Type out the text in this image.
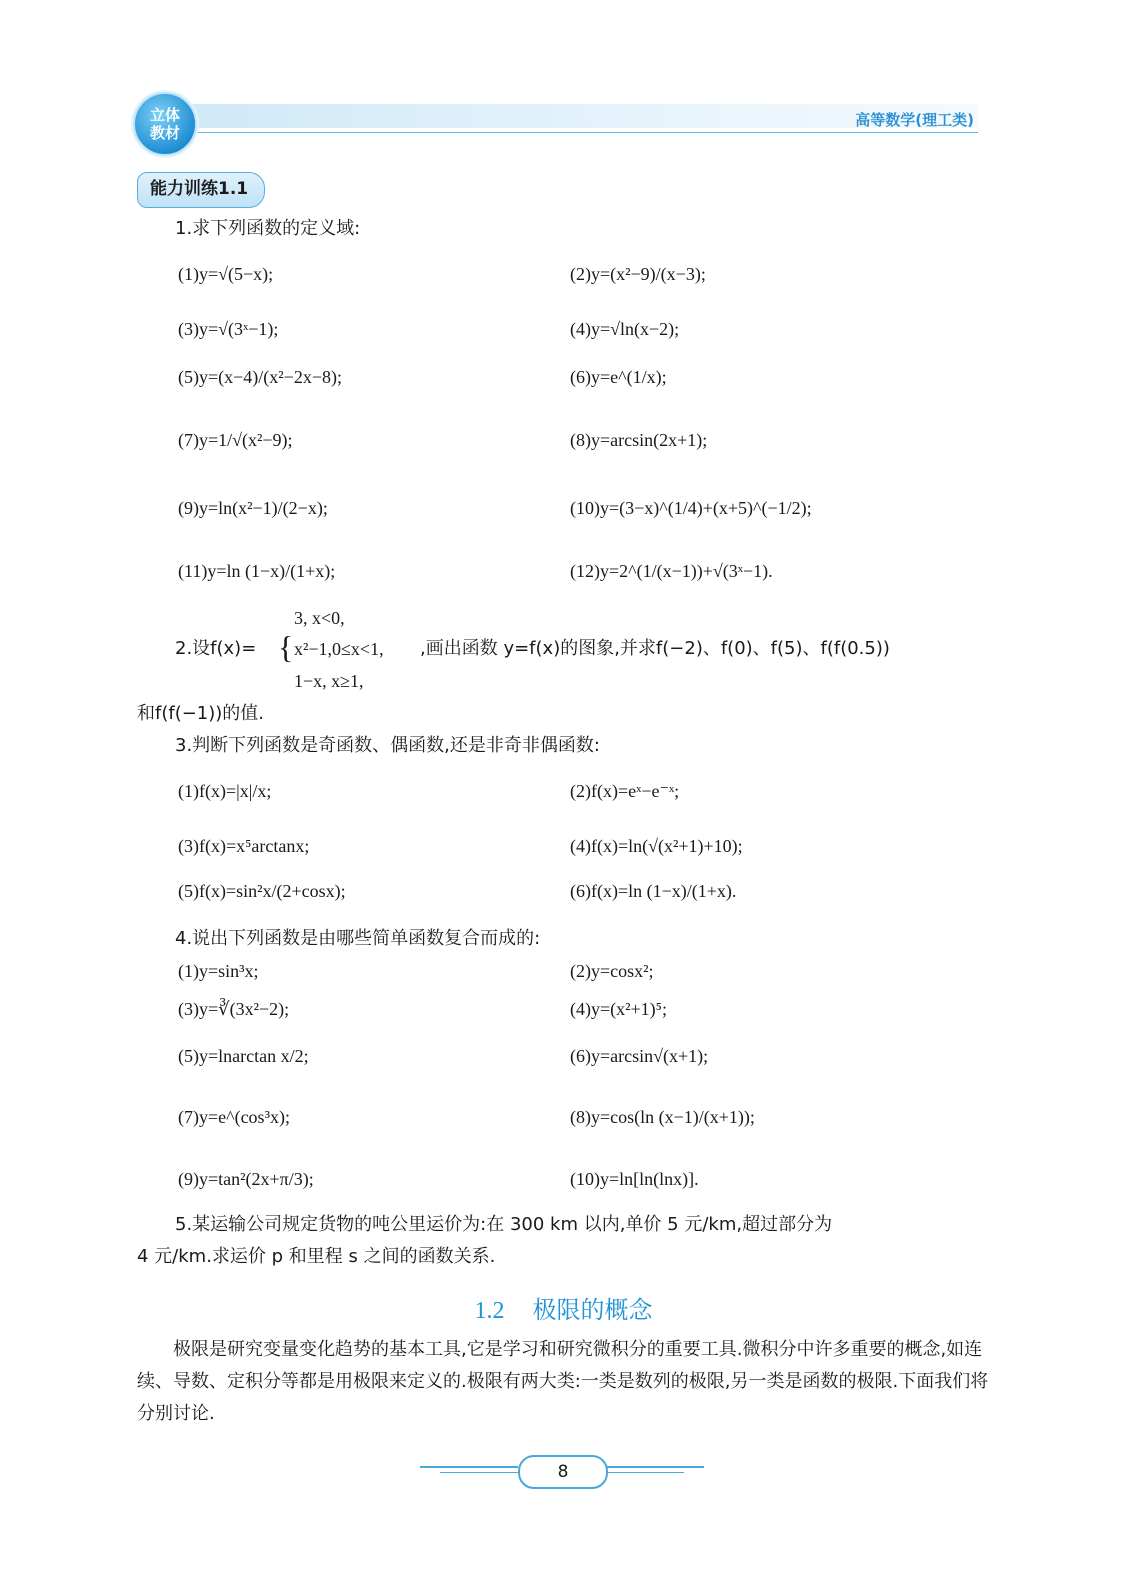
立体
教材
高等数学(理工类)
能力训练1.1
1.求下列函数的定义域:
(1)y=√(5−x);	(2)y=(x²−9)/(x−3);
(3)y=√(3ˣ−1);	(4)y=√ln(x−2);
(5)y=(x−4)/(x²−2x−8);	(6)y=e^(1/x);
(7)y=1/√(x²−9);	(8)y=arcsin(2x+1);
(9)y=ln(x²−1)/(2−x);	(10)y=(3−x)^(1/4)+(x+5)^(−1/2);
(11)y=ln (1−x)/(1+x);	(12)y=2^(1/(x−1))+√(3ˣ−1).
2.设f(x)= {
3, x<0,
x²−1,0≤x<1,
1−x, x≥1,
,画出函数 y=f(x)的图象,并求f(−2)、f(0)、f(5)、f(f(0.5))
和f(f(−1))的值.
3.判断下列函数是奇函数、偶函数,还是非奇非偶函数:
(1)f(x)=|x|/x;	(2)f(x)=eˣ−e⁻ˣ;
(3)f(x)=x⁵arctanx;	(4)f(x)=ln(√(x²+1)+10);
(5)f(x)=sin²x/(2+cosx);	(6)f(x)=ln (1−x)/(1+x).
4.说出下列函数是由哪些简单函数复合而成的:
(1)y=sin³x;	(2)y=cosx²;
(3)y=∛(3x²−2);	(4)y=(x²+1)⁵;
(5)y=lnarctan x/2;	(6)y=arcsin√(x+1);
(7)y=e^(cos³x);	(8)y=cos(ln (x−1)/(x+1));
(9)y=tan²(2x+π/3);	(10)y=ln[ln(lnx)].
5.某运输公司规定货物的吨公里运价为:在 300 km 以内,单价 5 元/km,超过部分为
4 元/km.求运价 p 和里程 s 之间的函数关系.
1.2 极限的概念
极限是研究变量变化趋势的基本工具,它是学习和研究微积分的重要工具.微积分中许多重要的概念,如连续、导数、定积分等都是用极限来定义的.极限有两大类:一类是数列的极限,另一类是函数的极限.下面我们将分别讨论.
8
